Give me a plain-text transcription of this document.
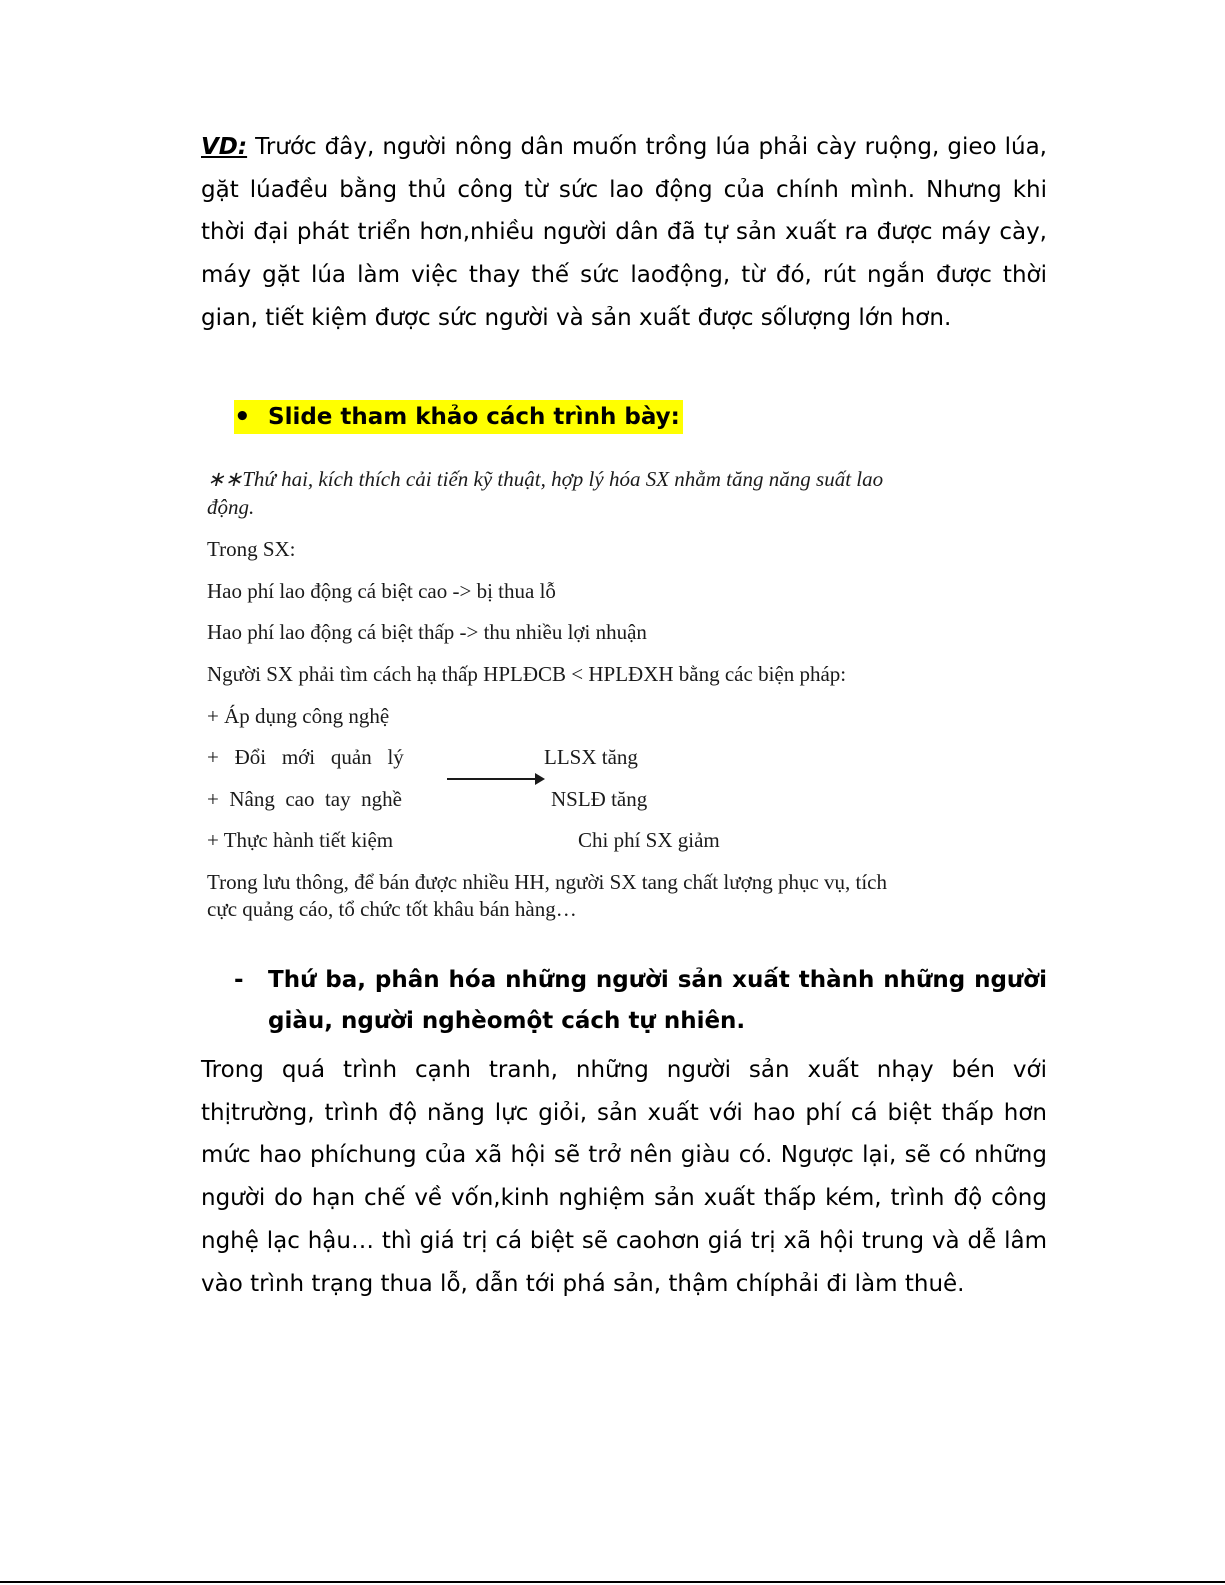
VD: Trước đây, người nông dân muốn trồng lúa phải cày ruộng, gieo lúa, gặt lúađều bằng thủ công từ sức lao động của chính mình. Nhưng khi thời đại phát triển hơn,nhiều người dân đã tự sản xuất ra được máy cày, máy gặt lúa làm việc thay thế sức laođộng, từ đó, rút ngắn được thời gian, tiết kiệm được sức người và sản xuất được sốlượng lớn hơn.

• Slide tham khảo cách trình bày:
∗∗Thứ hai, kích thích cải tiến kỹ thuật, hợp lý hóa SX nhằm tăng năng suất lao
động.
Trong SX:
Hao phí lao động cá biệt cao -> bị thua lỗ
Hao phí lao động cá biệt thấp -> thu nhiều lợi nhuận
Người SX phải tìm cách hạ thấp HPLĐCB < HPLĐXH bằng các biện pháp:
+ Áp dụng công nghệ
+   Đổi   mới   quản   lý
+  Nâng  cao  tay  nghề
+ Thực hành tiết kiệm
LLSX tăng
NSLĐ tăng
Chi phí SX giảm
Trong lưu thông, để bán được nhiều HH, người SX tang chất lượng phục vụ, tích
cực quảng cáo, tổ chức tốt khâu bán hàng…
- Thứ ba, phân hóa những người sản xuất thành những người giàu, người nghèomột cách tự nhiên.

Trong quá trình cạnh tranh, những người sản xuất nhạy bén với thịtrường, trình độ năng lực giỏi, sản xuất với hao phí cá biệt thấp hơn mức hao phíchung của xã hội sẽ trở nên giàu có. Ngược lại, sẽ có những người do hạn chế về vốn,kinh nghiệm sản xuất thấp kém, trình độ công nghệ lạc hậu… thì giá trị cá biệt sẽ caohơn giá trị xã hội trung và dễ lâm vào trình trạng thua lỗ, dẫn tới phá sản, thậm chíphải đi làm thuê.
